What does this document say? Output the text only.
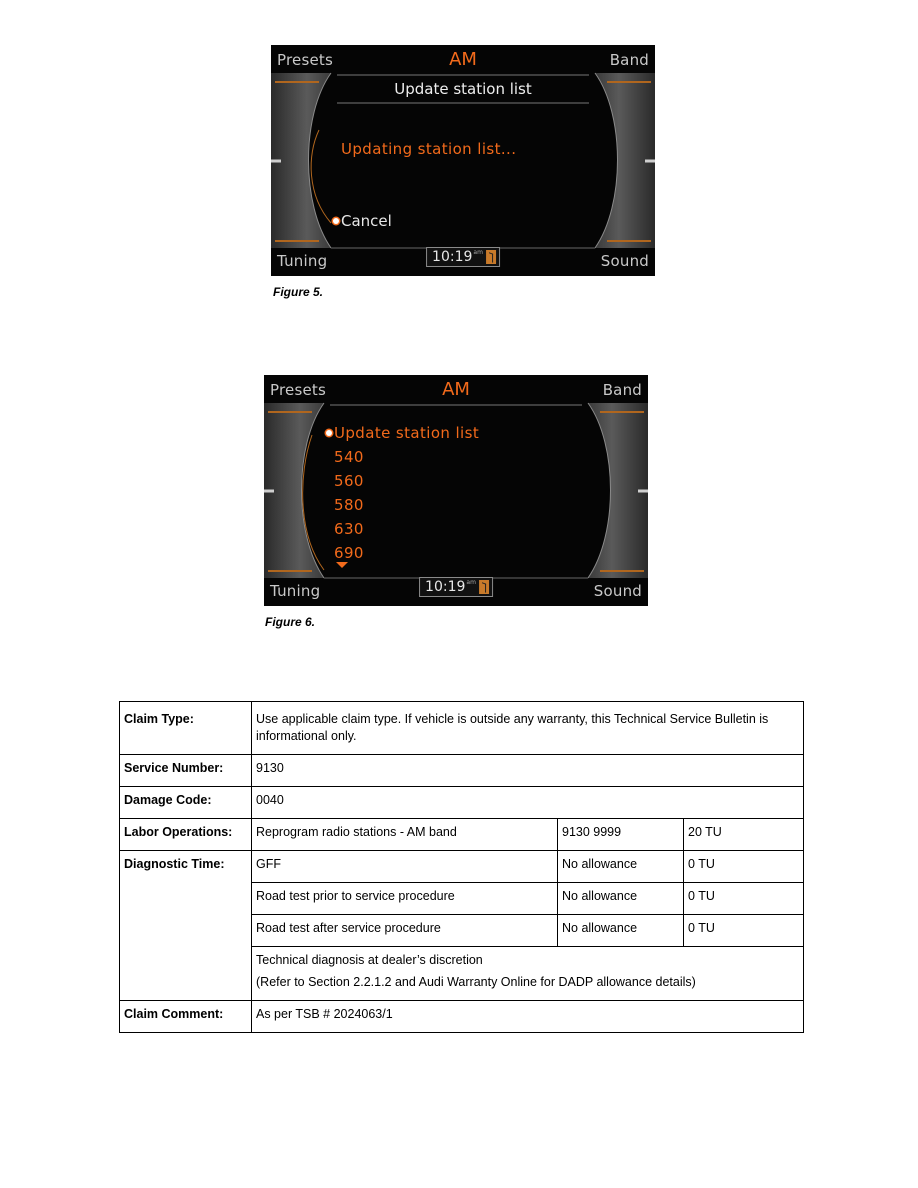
Presets	AM	Band
Update station list
Updating station list...
Cancel
10:19 am
Tuning	Sound
Figure 5.
Presets	AM	Band
Update station list
540
560
580
630
690
10:19 am
Tuning	Sound
Figure 6.
Claim Type:	Use applicable claim type. If vehicle is outside any warranty, this Technical Service Bulletin is informational only.		
Service Number:	9130		
Damage Code:	0040		
Labor Operations:	Reprogram radio stations - AM band	9130 9999	20 TU
Diagnostic Time:	GFF	No allowance	0 TU
	Road test prior to service procedure	No allowance	0 TU
	Road test after service procedure	No allowance	0 TU

	Technical diagnosis at dealer’s discretion
(Refer to Section 2.2.1.2 and Audi Warranty Online for DADP allowance details)		

Claim Comment:	As per TSB # 2024063/1		
